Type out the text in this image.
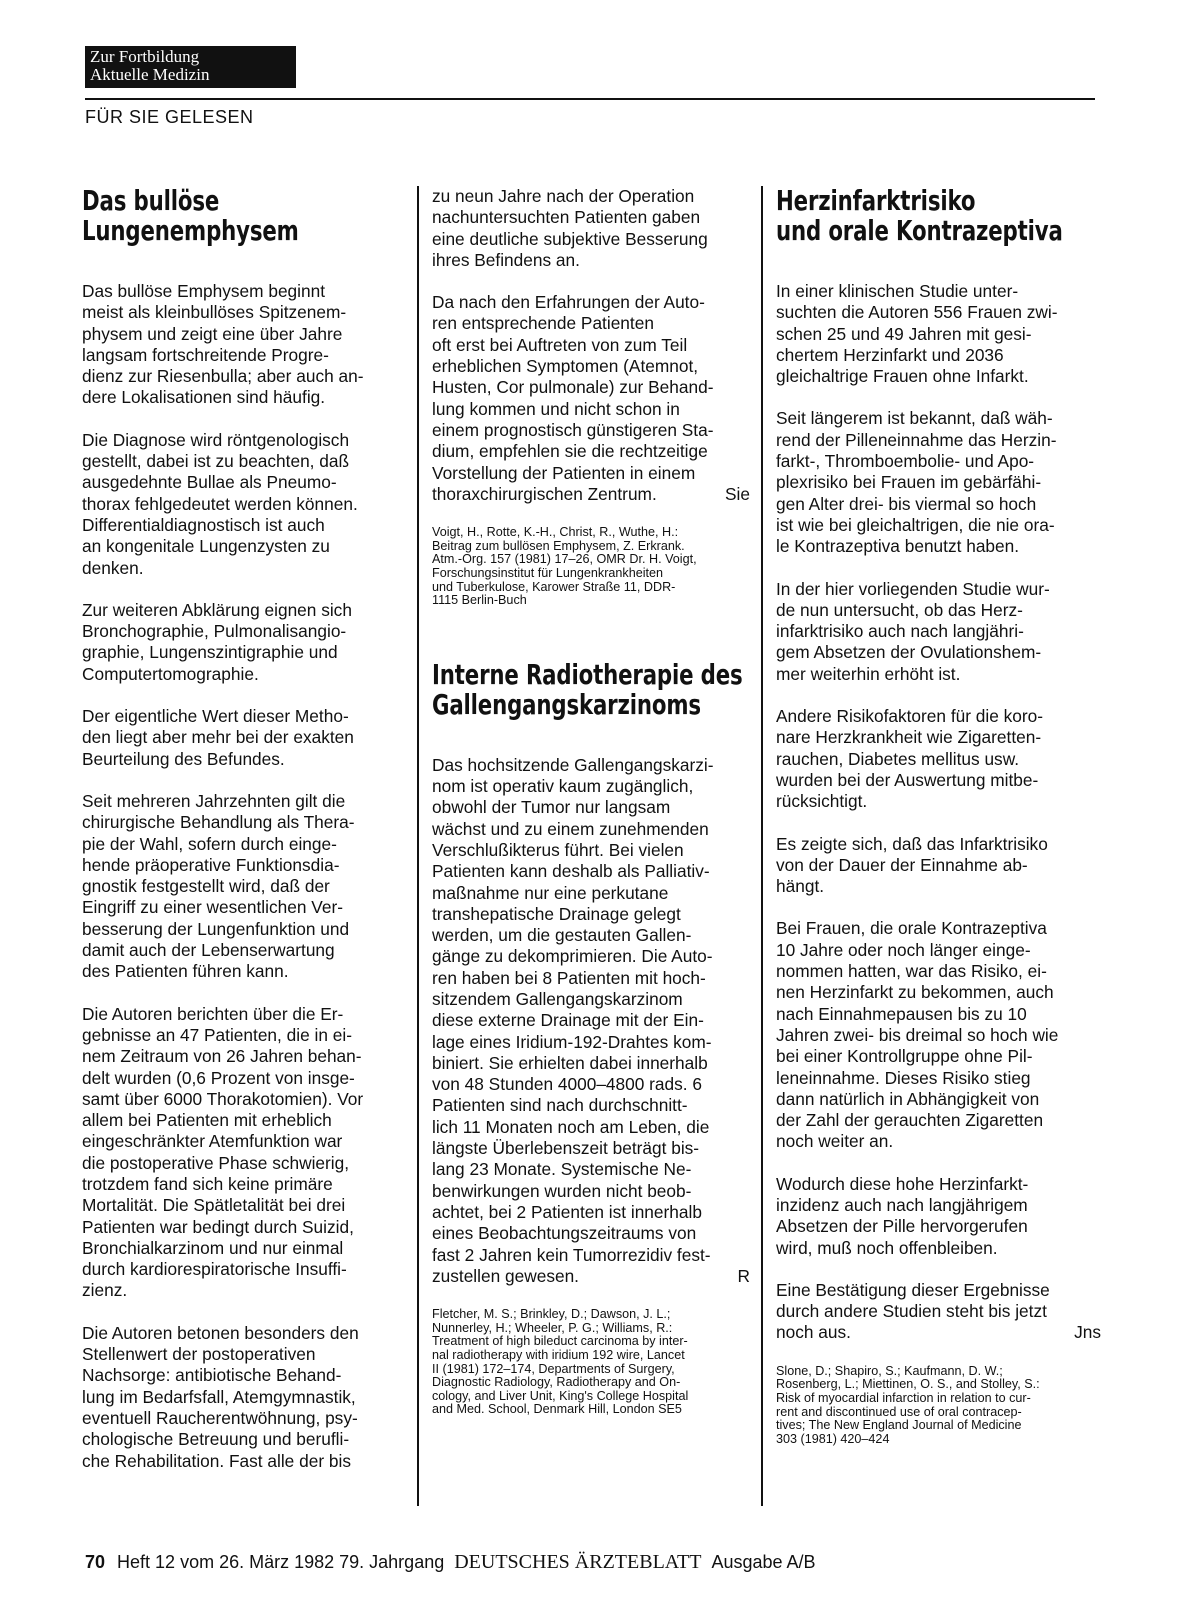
Zur Fortbildung
Aktuelle Medizin
FÜR SIE GELESEN
Das bullöse
Lungenemphysem
Das bullöse Emphysem beginnt
meist als kleinbullöses Spitzenem-
physem und zeigt eine über Jahre
langsam fortschreitende Progre-
dienz zur Riesenbulla; aber auch an-
dere Lokalisationen sind häufig.
Die Diagnose wird röntgenologisch
gestellt, dabei ist zu beachten, daß
ausgedehnte Bullae als Pneumo-
thorax fehlgedeutet werden können.
Differentialdiagnostisch ist auch
an kongenitale Lungenzysten zu
denken.
Zur weiteren Abklärung eignen sich
Bronchographie, Pulmonalisangio-
graphie, Lungenszintigraphie und
Computertomographie.
Der eigentliche Wert dieser Metho-
den liegt aber mehr bei der exakten
Beurteilung des Befundes.
Seit mehreren Jahrzehnten gilt die
chirurgische Behandlung als Thera-
pie der Wahl, sofern durch einge-
hende präoperative Funktionsdia-
gnostik festgestellt wird, daß der
Eingriff zu einer wesentlichen Ver-
besserung der Lungenfunktion und
damit auch der Lebenserwartung
des Patienten führen kann.
Die Autoren berichten über die Er-
gebnisse an 47 Patienten, die in ei-
nem Zeitraum von 26 Jahren behan-
delt wurden (0,6 Prozent von insge-
samt über 6000 Thorakotomien). Vor
allem bei Patienten mit erheblich
eingeschränkter Atemfunktion war
die postoperative Phase schwierig,
trotzdem fand sich keine primäre
Mortalität. Die Spätletalität bei drei
Patienten war bedingt durch Suizid,
Bronchialkarzinom und nur einmal
durch kardiorespiratorische Insuffi-
zienz.
Die Autoren betonen besonders den
Stellenwert der postoperativen
Nachsorge: antibiotische Behand-
lung im Bedarfsfall, Atemgymnastik,
eventuell Raucherentwöhnung, psy-
chologische Betreuung und berufli-
che Rehabilitation. Fast alle der bis
zu neun Jahre nach der Operation
nachuntersuchten Patienten gaben
eine deutliche subjektive Besserung
ihres Befindens an.
Da nach den Erfahrungen der Auto-
ren entsprechende Patienten
oft erst bei Auftreten von zum Teil
erheblichen Symptomen (Atemnot,
Husten, Cor pulmonale) zur Behand-
lung kommen und nicht schon in
einem prognostisch günstigeren Sta-
dium, empfehlen sie die rechtzeitige
Vorstellung der Patienten in einem
thoraxchirurgischen Zentrum.	Sie
Voigt, H., Rotte, K.-H., Christ, R., Wuthe, H.:
Beitrag zum bullösen Emphysem, Z. Erkrank.
Atm.-Org. 157 (1981) 17–26, OMR Dr. H. Voigt,
Forschungsinstitut für Lungenkrankheiten
und Tuberkulose, Karower Straße 11, DDR-
1115 Berlin-Buch
Interne Radiotherapie des
Gallengangskarzinoms
Das hochsitzende Gallengangskarzi-
nom ist operativ kaum zugänglich,
obwohl der Tumor nur langsam
wächst und zu einem zunehmenden
Verschlußikterus führt. Bei vielen
Patienten kann deshalb als Palliativ-
maßnahme nur eine perkutane
transhepatische Drainage gelegt
werden, um die gestauten Gallen-
gänge zu dekomprimieren. Die Auto-
ren haben bei 8 Patienten mit hoch-
sitzendem Gallengangskarzinom
diese externe Drainage mit der Ein-
lage eines Iridium-192-Drahtes kom-
biniert. Sie erhielten dabei innerhalb
von 48 Stunden 4000–4800 rads. 6
Patienten sind nach durchschnitt-
lich 11 Monaten noch am Leben, die
längste Überlebenszeit beträgt bis-
lang 23 Monate. Systemische Ne-
benwirkungen wurden nicht beob-
achtet, bei 2 Patienten ist innerhalb
eines Beobachtungszeitraums von
fast 2 Jahren kein Tumorrezidiv fest-
zustellen gewesen.	R
Fletcher, M. S.; Brinkley, D.; Dawson, J. L.;
Nunnerley, H.; Wheeler, P. G.; Williams, R.:
Treatment of high bileduct carcinoma by inter-
nal radiotherapy with iridium 192 wire, Lancet
II (1981) 172–174, Departments of Surgery,
Diagnostic Radiology, Radiotherapy and On-
cology, and Liver Unit, King's College Hospital
and Med. School, Denmark Hill, London SE5
Herzinfarktrisiko
und orale Kontrazeptiva
In einer klinischen Studie unter-
suchten die Autoren 556 Frauen zwi-
schen 25 und 49 Jahren mit gesi-
chertem Herzinfarkt und 2036
gleichaltrige Frauen ohne Infarkt.
Seit längerem ist bekannt, daß wäh-
rend der Pilleneinnahme das Herzin-
farkt-, Thromboembolie- und Apo-
plexrisiko bei Frauen im gebärfähi-
gen Alter drei- bis viermal so hoch
ist wie bei gleichaltrigen, die nie ora-
le Kontrazeptiva benutzt haben.
In der hier vorliegenden Studie wur-
de nun untersucht, ob das Herz-
infarktrisiko auch nach langjähri-
gem Absetzen der Ovulationshem-
mer weiterhin erhöht ist.
Andere Risikofaktoren für die koro-
nare Herzkrankheit wie Zigaretten-
rauchen, Diabetes mellitus usw.
wurden bei der Auswertung mitbe-
rücksichtigt.
Es zeigte sich, daß das Infarktrisiko
von der Dauer der Einnahme ab-
hängt.
Bei Frauen, die orale Kontrazeptiva
10 Jahre oder noch länger einge-
nommen hatten, war das Risiko, ei-
nen Herzinfarkt zu bekommen, auch
nach Einnahmepausen bis zu 10
Jahren zwei- bis dreimal so hoch wie
bei einer Kontrollgruppe ohne Pil-
leneinnahme. Dieses Risiko stieg
dann natürlich in Abhängigkeit von
der Zahl der gerauchten Zigaretten
noch weiter an.
Wodurch diese hohe Herzinfarkt-
inzidenz auch nach langjährigem
Absetzen der Pille hervorgerufen
wird, muß noch offenbleiben.
Eine Bestätigung dieser Ergebnisse
durch andere Studien steht bis jetzt
noch aus.	Jns
Slone, D.; Shapiro, S.; Kaufmann, D. W.;
Rosenberg, L.; Miettinen, O. S., and Stolley, S.:
Risk of myocardial infarction in relation to cur-
rent and discontinued use of oral contracep-
tives; The New England Journal of Medicine
303 (1981) 420–424
70 Heft 12 vom 26. März 1982 79. Jahrgang DEUTSCHES ÄRZTEBLATT Ausgabe A/B
